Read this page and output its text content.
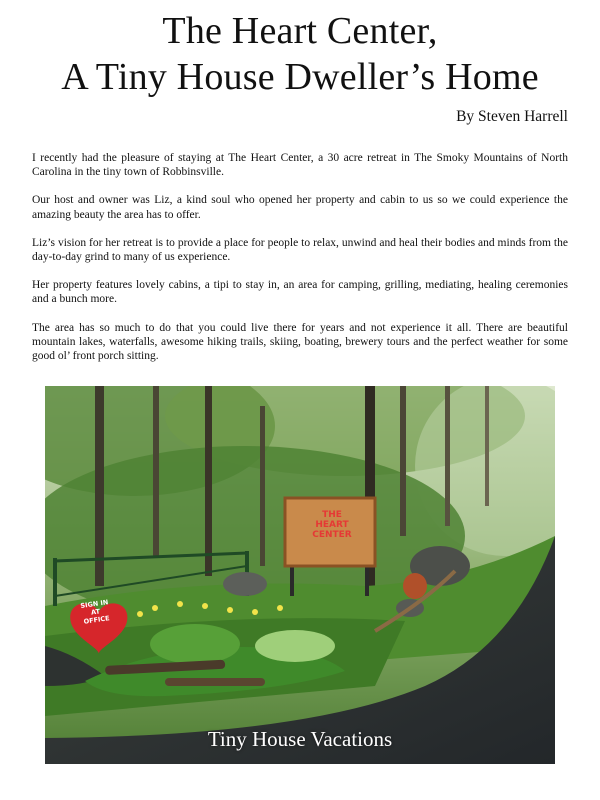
The Heart Center,
A Tiny House Dweller’s Home
By Steven Harrell

I recently had the pleasure of staying at The Heart Center, a 30 acre retreat in The Smoky Mountains of North Carolina in the tiny town of Robbinsville.

Our host and owner was Liz, a kind soul who opened her property and cabin to us so we could experience the amazing beauty the area has to offer.

Liz’s vision for her retreat is to provide a place for people to relax, unwind and heal their bodies and minds from the day-to-day grind to many of us experience.

Her property features lovely cabins, a tipi to stay in, an area for camping, grilling, mediating, healing ceremonies and a bunch more.

The area has so much to do that you could live there for years and not experience it all. There are beautiful mountain lakes, waterfalls, awesome hiking trails, skiing, boating, brewery tours and the perfect weather for some good ol’ front porch sitting.

Tiny House Vacations
THE
HEART
CENTER
SIGN IN
AT
OFFICE
